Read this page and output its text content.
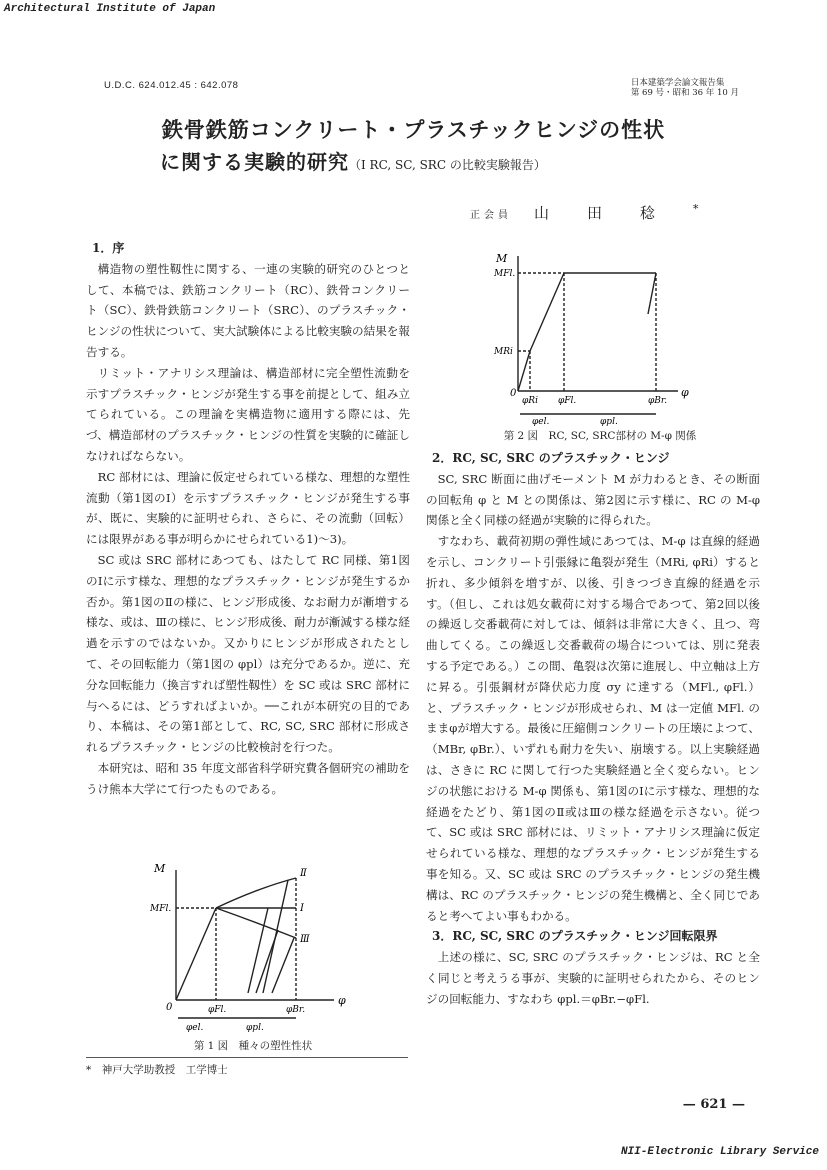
Architectural Institute of Japan
NII-Electronic Library Service
U.D.C. 624.012.45 : 642.078	日本建築学会論文報告集
第 69 号・昭和 36 年 10 月
鉄骨鉄筋コンクリート・プラスチックヒンジの性状
に関する実験的研究（I RC, SC, SRC の比較実験報告）
正会員 山田稔*
1．序

構造物の塑性靱性に関する、一連の実験的研究のひとつとして、本稿では、鉄筋コンクリート（RC）、鉄骨コンクリート（SC）、鉄骨鉄筋コンクリート（SRC）、のプラスチック・ヒンジの性状について、実大試験体による比較実験の結果を報告する。

リミット・アナリシス理論は、構造部材に完全塑性流動を示すプラスチック・ヒンジが発生する事を前提として、組み立てられている。この理論を実構造物に適用する際には、先づ、構造部材のプラスチック・ヒンジの性質を実験的に確証しなければならない。

RC 部材には、理論に仮定せられている様な、理想的な塑性流動（第1図のⅠ）を示すプラスチック・ヒンジが発生する事が、既に、実験的に証明せられ、さらに、その流動（回転）には限界がある事が明らかにせられている1)〜3)。

SC 或は SRC 部材にあつても、はたして RC 同様、第1図のⅠに示す様な、理想的なプラスチック・ヒンジが発生するか否か。第1図のⅡの様に、ヒンジ形成後、なお耐力が漸増する様な、或は、Ⅲの様に、ヒンジ形成後、耐力が漸減する様な経過を示すのではないか。又かりにヒンジが形成されたとして、その回転能力（第1図の φpl）は充分であるか。逆に、充分な回転能力（換言すれば塑性靱性）を SC 或は SRC 部材に与へるには、どうすればよいか。──これが本研究の目的であり、本稿は、その第1部として、RC, SC, SRC 部材に形成されるプラスチック・ヒンジの比較検討を行つた。

本研究は、昭和 35 年度文部省科学研究費各個研究の補助をうけ熊本大学にて行つたものである。

M
MFl.
0
φ
φFl.	φBr.
φel.	φpl.
Ⅱ
Ⅰ
Ⅲ
第 1 図　種々の塑性性状
*　神戸大学助教授　工学博士
M
MFl.
MRi
0	φ
φRi φFl.	φBr.
φel.	φpl.
第 2 図　RC, SC, SRC部材の M-φ 関係
2．RC, SC, SRC のプラスチック・ヒンジ

SC, SRC 断面に曲げモーメント M が力わるとき、その断面の回転角 φ と M との関係は、第2図に示す様に、RC の M-φ 関係と全く同様の経過が実験的に得られた。

すなわち、載荷初期の弾性域にあつては、M-φ は直線的経過を示し、コンクリート引張縁に亀裂が発生（MRi, φRi）すると折れ、多少傾斜を増すが、以後、引きつづき直線的経過を示す。（但し、これは処女載荷に対する場合であつて、第2回以後の繰返し交番載荷に対しては、傾斜は非常に大きく、且つ、弯曲してくる。この繰返し交番載荷の場合については、別に発表する予定である。）この間、亀裂は次第に進展し、中立軸は上方に昇る。引張鋼材が降伏応力度 σy に達する（MFl., φFl.）と、プラスチック・ヒンジが形成せられ、M は一定値 MFl. のままφが増大する。最後に圧縮側コンクリートの圧壊によつて、（MBr, φBr.）、いずれも耐力を失い、崩壊する。以上実験経過は、さきに RC に関して行つた実験経過と全く変らない。ヒンジの状態における M-φ 関係も、第1図のⅠに示す様な、理想的な経過をたどり、第1図のⅡ或はⅢの様な経過を示さない。従つて、SC 或は SRC 部材には、リミット・アナリシス理論に仮定せられている様な、理想的なプラスチック・ヒンジが発生する事を知る。又、SC 或は SRC のプラスチック・ヒンジの発生機構は、RC のプラスチック・ヒンジの発生機構と、全く同じであると考へてよい事もわかる。

3．RC, SC, SRC のプラスチック・ヒンジ回転限界

上述の様に、SC, SRC のプラスチック・ヒンジは、RC と全く同じと考えうる事が、実験的に証明せられたから、そのヒンジの回転能力、すなわち φpl.＝φBr.−φFl.

— 621 —
